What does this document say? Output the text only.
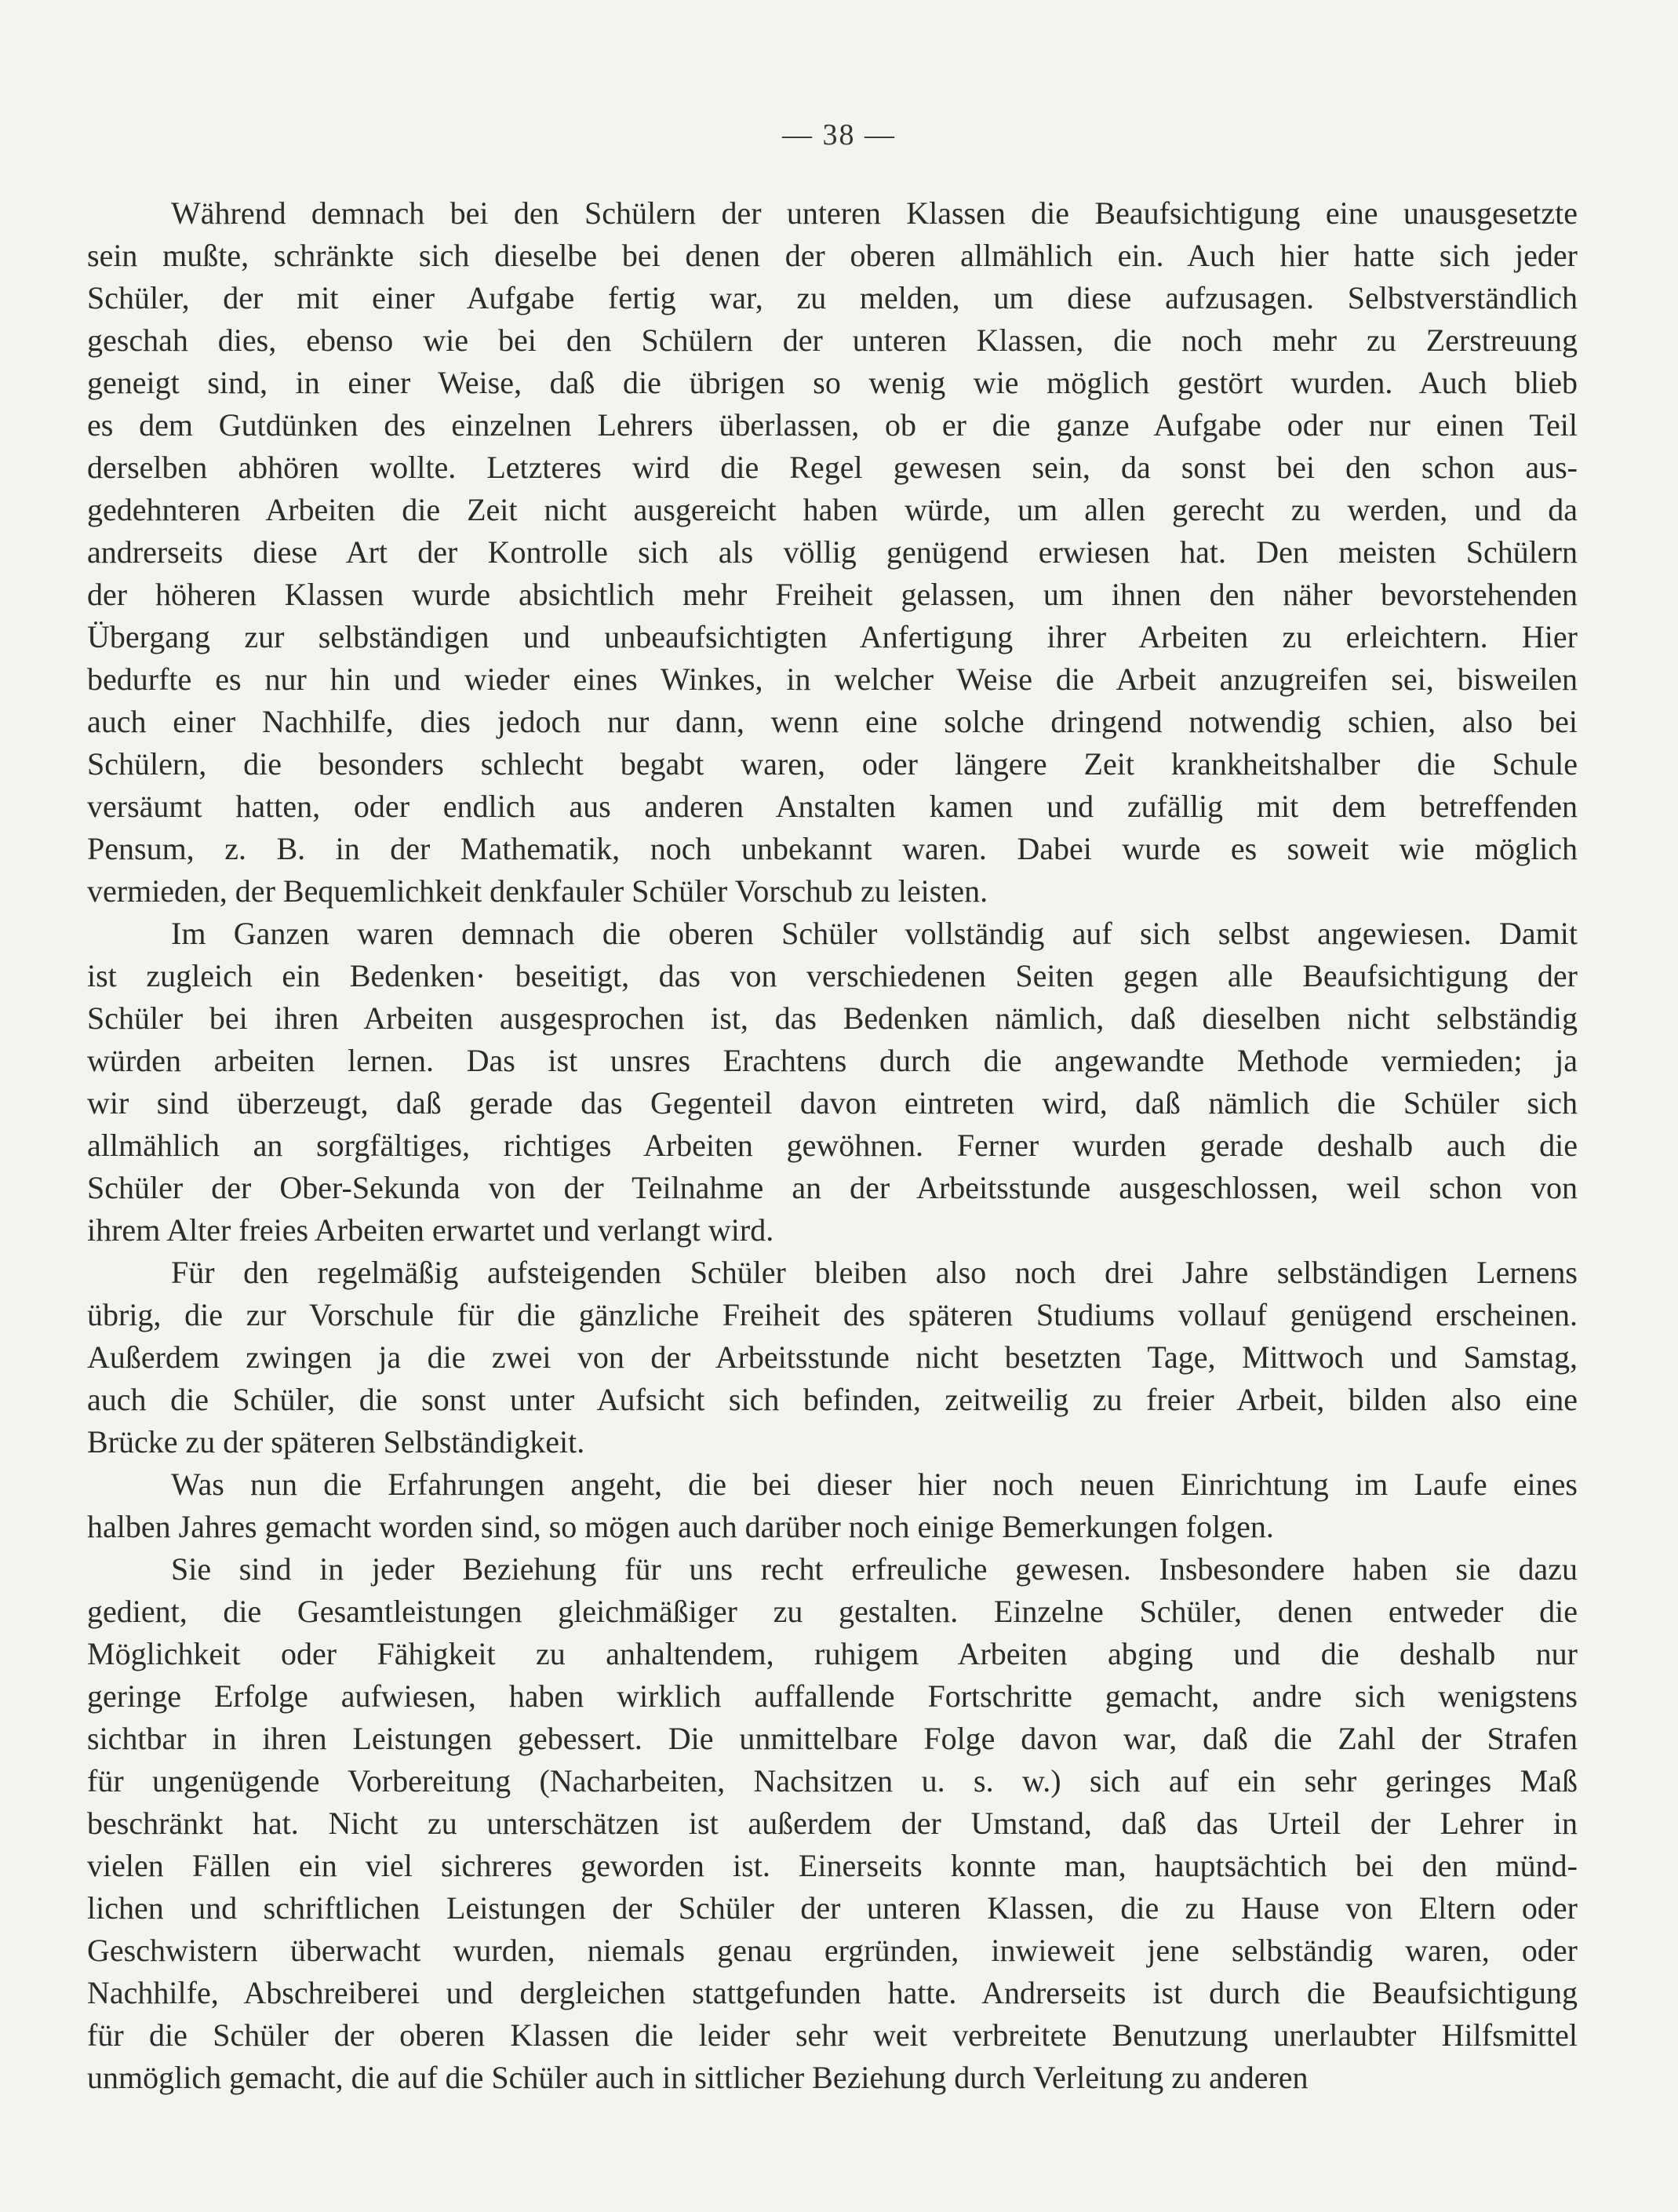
— 38 —
Während demnach bei den Schülern der unteren Klassen die Beaufsichtigung eine unausgesetzte
sein mußte, schränkte sich dieselbe bei denen der oberen allmählich ein. Auch hier hatte sich jeder
Schüler, der mit einer Aufgabe fertig war, zu melden, um diese aufzusagen. Selbstverständlich
geschah dies, ebenso wie bei den Schülern der unteren Klassen, die noch mehr zu Zerstreuung
geneigt sind, in einer Weise, daß die übrigen so wenig wie möglich gestört wurden. Auch blieb
es dem Gutdünken des einzelnen Lehrers überlassen, ob er die ganze Aufgabe oder nur einen Teil
derselben abhören wollte. Letzteres wird die Regel gewesen sein, da sonst bei den schon aus-
gedehnteren Arbeiten die Zeit nicht ausgereicht haben würde, um allen gerecht zu werden, und da
andrerseits diese Art der Kontrolle sich als völlig genügend erwiesen hat. Den meisten Schülern
der höheren Klassen wurde absichtlich mehr Freiheit gelassen, um ihnen den näher bevorstehenden
Übergang zur selbständigen und unbeaufsichtigten Anfertigung ihrer Arbeiten zu erleichtern. Hier
bedurfte es nur hin und wieder eines Winkes, in welcher Weise die Arbeit anzugreifen sei, bisweilen
auch einer Nachhilfe, dies jedoch nur dann, wenn eine solche dringend notwendig schien, also bei
Schülern, die besonders schlecht begabt waren, oder längere Zeit krankheitshalber die Schule
versäumt hatten, oder endlich aus anderen Anstalten kamen und zufällig mit dem betreffenden
Pensum, z. B. in der Mathematik, noch unbekannt waren. Dabei wurde es soweit wie möglich
vermieden, der Bequemlichkeit denkfauler Schüler Vorschub zu leisten.
Im Ganzen waren demnach die oberen Schüler vollständig auf sich selbst angewiesen. Damit
ist zugleich ein Bedenken· beseitigt, das von verschiedenen Seiten gegen alle Beaufsichtigung der
Schüler bei ihren Arbeiten ausgesprochen ist, das Bedenken nämlich, daß dieselben nicht selbständig
würden arbeiten lernen. Das ist unsres Erachtens durch die angewandte Methode vermieden; ja
wir sind überzeugt, daß gerade das Gegenteil davon eintreten wird, daß nämlich die Schüler sich
allmählich an sorgfältiges, richtiges Arbeiten gewöhnen. Ferner wurden gerade deshalb auch die
Schüler der Ober-Sekunda von der Teilnahme an der Arbeitsstunde ausgeschlossen, weil schon von
ihrem Alter freies Arbeiten erwartet und verlangt wird.
Für den regelmäßig aufsteigenden Schüler bleiben also noch drei Jahre selbständigen Lernens
übrig, die zur Vorschule für die gänzliche Freiheit des späteren Studiums vollauf genügend erscheinen.
Außerdem zwingen ja die zwei von der Arbeitsstunde nicht besetzten Tage, Mittwoch und Samstag,
auch die Schüler, die sonst unter Aufsicht sich befinden, zeitweilig zu freier Arbeit, bilden also eine
Brücke zu der späteren Selbständigkeit.
Was nun die Erfahrungen angeht, die bei dieser hier noch neuen Einrichtung im Laufe eines
halben Jahres gemacht worden sind, so mögen auch darüber noch einige Bemerkungen folgen.
Sie sind in jeder Beziehung für uns recht erfreuliche gewesen. Insbesondere haben sie dazu
gedient, die Gesamtleistungen gleichmäßiger zu gestalten. Einzelne Schüler, denen entweder die
Möglichkeit oder Fähigkeit zu anhaltendem, ruhigem Arbeiten abging und die deshalb nur
geringe Erfolge aufwiesen, haben wirklich auffallende Fortschritte gemacht, andre sich wenigstens
sichtbar in ihren Leistungen gebessert. Die unmittelbare Folge davon war, daß die Zahl der Strafen
für ungenügende Vorbereitung (Nacharbeiten, Nachsitzen u. s. w.) sich auf ein sehr geringes Maß
beschränkt hat. Nicht zu unterschätzen ist außerdem der Umstand, daß das Urteil der Lehrer in
vielen Fällen ein viel sichreres geworden ist. Einerseits konnte man, hauptsächtich bei den münd-
lichen und schriftlichen Leistungen der Schüler der unteren Klassen, die zu Hause von Eltern oder
Geschwistern überwacht wurden, niemals genau ergründen, inwieweit jene selbständig waren, oder
Nachhilfe, Abschreiberei und dergleichen stattgefunden hatte. Andrerseits ist durch die Beaufsichtigung
für die Schüler der oberen Klassen die leider sehr weit verbreitete Benutzung unerlaubter Hilfsmittel
unmöglich gemacht, die auf die Schüler auch in sittlicher Beziehung durch Verleitung zu anderen
